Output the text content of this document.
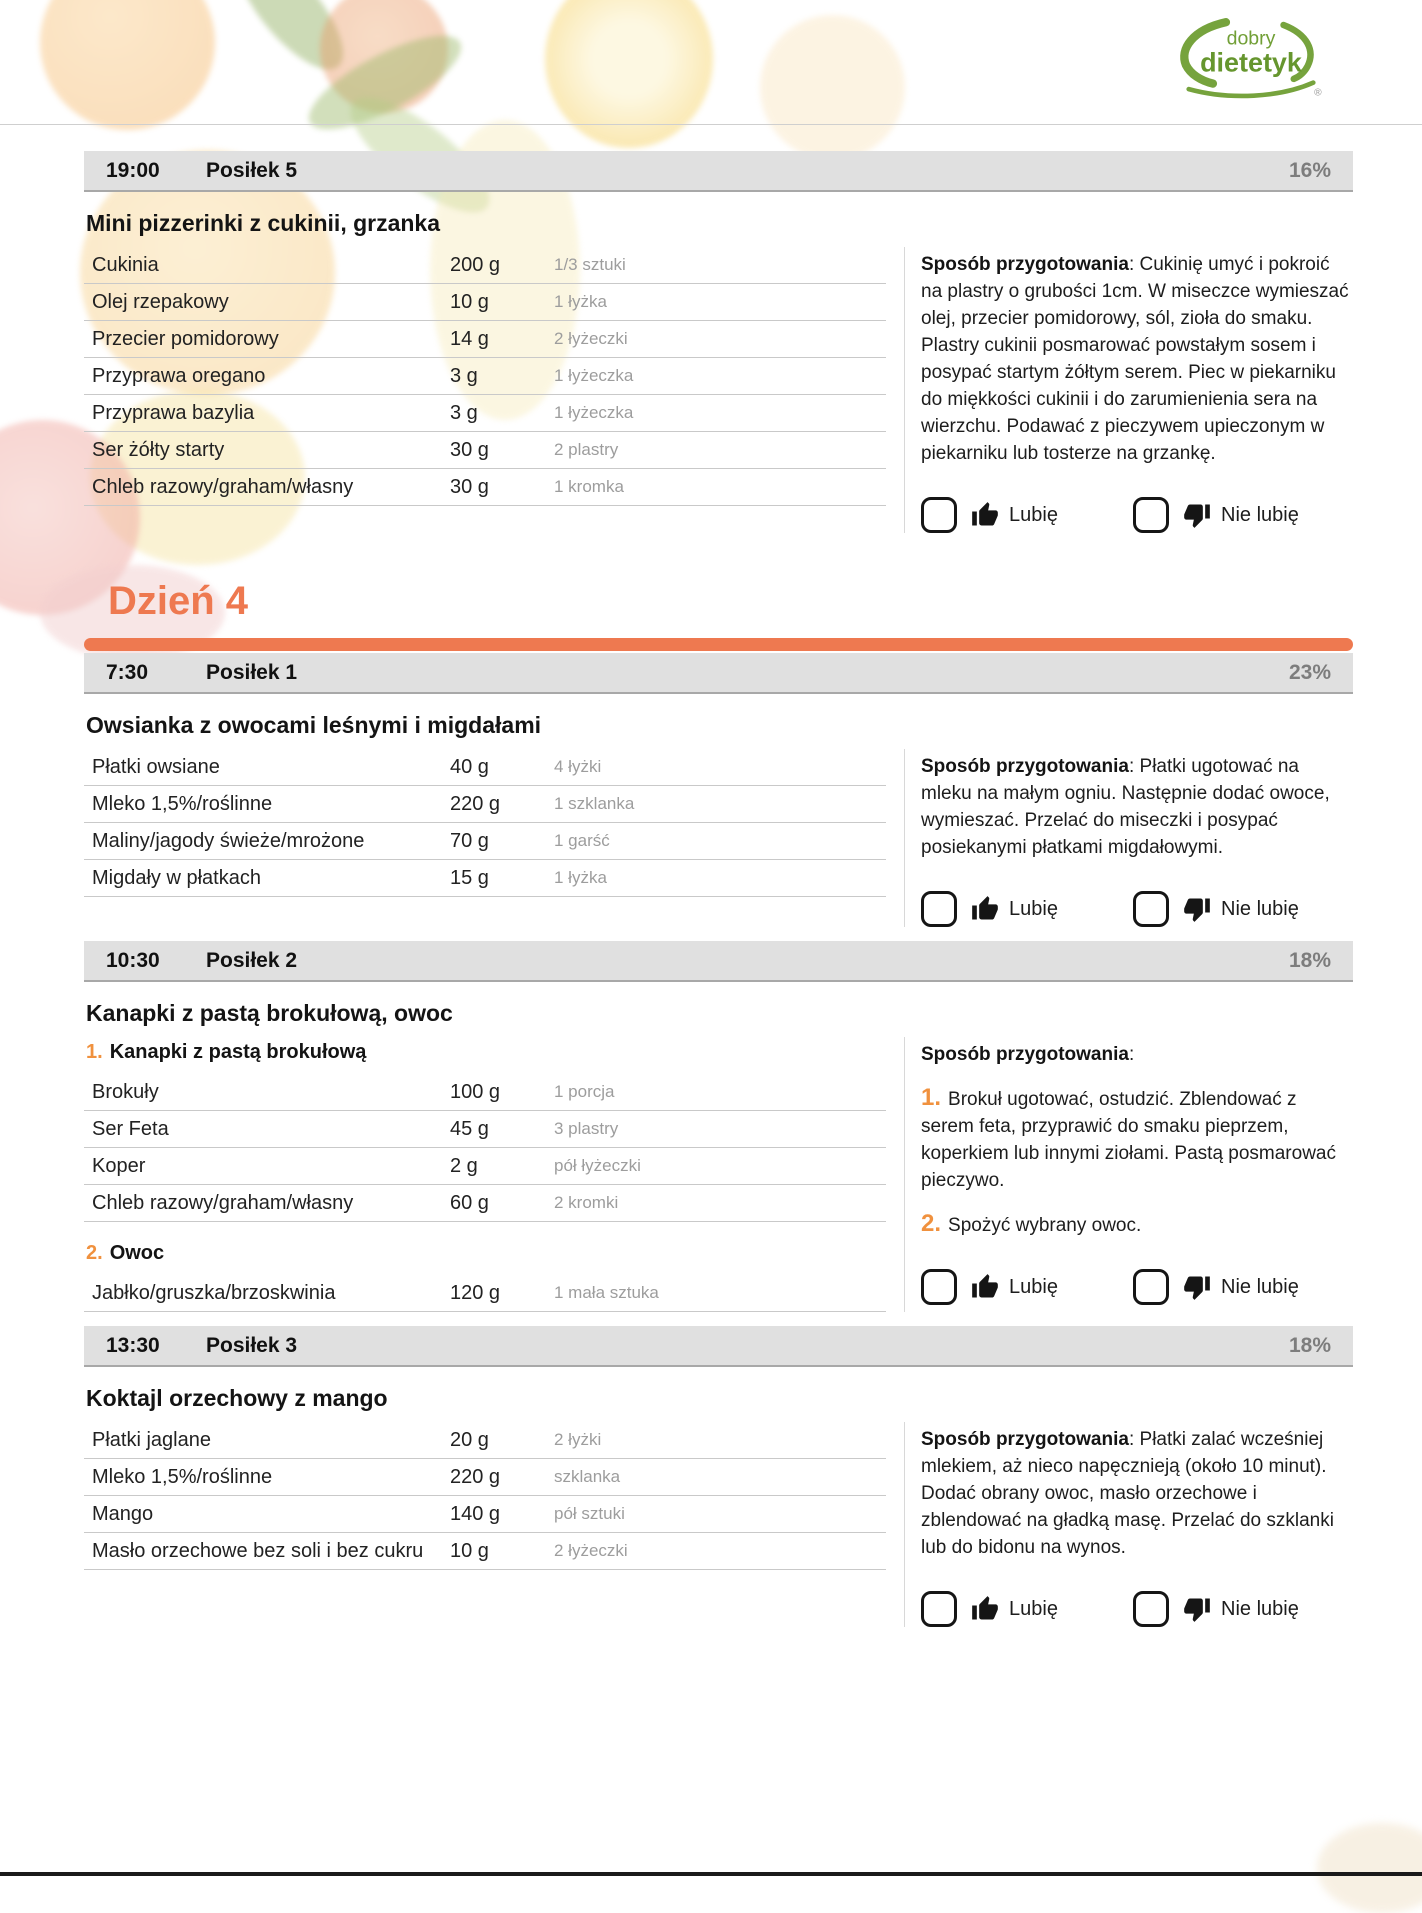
dobry
dietetyk
®
19:00	Posiłek 5	16%
Mini pizzerinki z cukinii, grzanka
Cukinia	200 g	1/3 sztuki
Olej rzepakowy	10 g	1 łyżka
Przecier pomidorowy	14 g	2 łyżeczki
Przyprawa oregano	3 g	1 łyżeczka
Przyprawa bazylia	3 g	1 łyżeczka
Ser żółty starty	30 g	2 plastry
Chleb razowy/graham/własny	30 g	1 kromka

Sposób przygotowania: Cukinię umyć i pokroić na plastry o grubości 1cm. W miseczce wymieszać olej, przecier pomidorowy, sól, zioła do smaku. Plastry cukinii posmarować powstałym sosem i posypać startym żółtym serem. Piec w piekarniku do miękkości cukinii i do zarumienienia sera na wierzchu. Podawać z pieczywem upieczonym w piekarniku lub tosterze na grzankę.

Lubię	Nie lubię
Dzień 4
7:30	Posiłek 1	23%
Owsianka z owocami leśnymi i migdałami
Płatki owsiane	40 g	4 łyżki
Mleko 1,5%/roślinne	220 g	1 szklanka
Maliny/jagody świeże/mrożone	70 g	1 garść
Migdały w płatkach	15 g	1 łyżka

Sposób przygotowania: Płatki ugotować na mleku na małym ogniu. Następnie dodać owoce, wymieszać. Przelać do miseczki i posypać posiekanymi płatkami migdałowymi.

Lubię	Nie lubię
10:30	Posiłek 2	18%
Kanapki z pastą brokułową, owoc
1. Kanapki z pastą brokułową
Brokuły	100 g	1 porcja
Ser Feta	45 g	3 plastry
Koper	2 g	pół łyżeczki
Chleb razowy/graham/własny	60 g	2 kromki
2. Owoc
Jabłko/gruszka/brzoskwinia	120 g	1 mała sztuka

Sposób przygotowania:

1. Brokuł ugotować, ostudzić. Zblendować z serem feta, przyprawić do smaku pieprzem, koperkiem lub innymi ziołami. Pastą posmarować pieczywo.

2. Spożyć wybrany owoc.

Lubię	Nie lubię
13:30	Posiłek 3	18%
Koktajl orzechowy z mango
Płatki jaglane	20 g	2 łyżki
Mleko 1,5%/roślinne	220 g	szklanka
Mango	140 g	pół sztuki
Masło orzechowe bez soli i bez cukru	10 g	2 łyżeczki

Sposób przygotowania: Płatki zalać wcześniej mlekiem, aż nieco napęcznieją (około 10 minut). Dodać obrany owoc, masło orzechowe i zblendować na gładką masę. Przelać do szklanki lub do bidonu na wynos.

Lubię	Nie lubię
